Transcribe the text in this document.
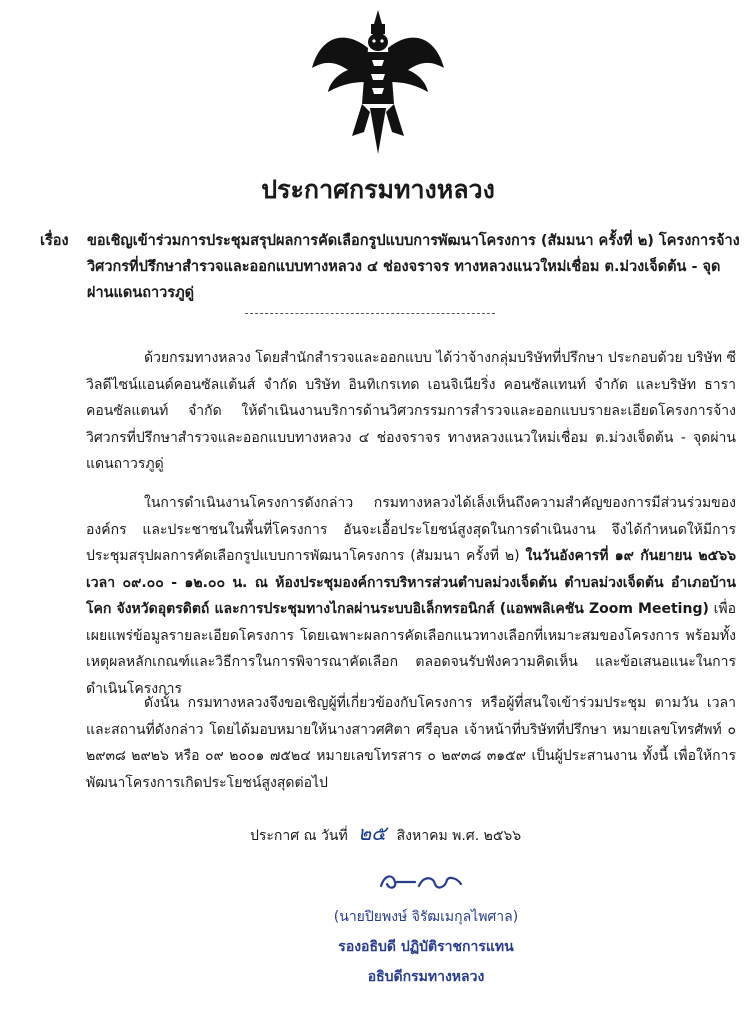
ประกาศกรมทางหลวง
เรื่อง ขอเชิญเข้าร่วมการประชุมสรุปผลการคัดเลือกรูปแบบการพัฒนาโครงการ (สัมมนา ครั้งที่ ๒) โครงการจ้างวิศวกรที่ปรึกษาสำรวจและออกแบบทางหลวง ๔ ช่องจราจร ทางหลวงแนวใหม่เชื่อม ต.ม่วงเจ็ดต้น - จุดผ่านแดนถาวรภูดู่
ด้วยกรมทางหลวง โดยสำนักสำรวจและออกแบบ ได้ว่าจ้างกลุ่มบริษัทที่ปรึกษา ประกอบด้วย บริษัท ซีวิลดีไซน์แอนด์คอนซัลแต้นส์ จำกัด บริษัท อินทิเกรเทด เอนจิเนียริ่ง คอนซัลแทนท์ จำกัด และบริษัท ธารา คอนซัลแตนท์ จำกัด ให้ดำเนินงานบริการด้านวิศวกรรมการสำรวจและออกแบบรายละเอียดโครงการจ้างวิศวกรที่ปรึกษาสำรวจและออกแบบทางหลวง ๔ ช่องจราจร ทางหลวงแนวใหม่เชื่อม ต.ม่วงเจ็ดต้น - จุดผ่านแดนถาวรภูดู่
ในการดำเนินงานโครงการดังกล่าว กรมทางหลวงได้เล็งเห็นถึงความสำคัญของการมีส่วนร่วมขององค์กร และประชาชนในพื้นที่โครงการ อันจะเอื้อประโยชน์สูงสุดในการดำเนินงาน จึงได้กำหนดให้มีการประชุมสรุปผลการคัดเลือกรูปแบบการพัฒนาโครงการ (สัมมนา ครั้งที่ ๒) ในวันอังคารที่ ๑๙ กันยายน ๒๕๖๖ เวลา ๐๙.๐๐ - ๑๒.๐๐ น. ณ ห้องประชุมองค์การบริหารส่วนตำบลม่วงเจ็ดต้น ตำบลม่วงเจ็ดต้น อำเภอบ้านโคก จังหวัดอุตรดิตถ์ และการประชุมทางไกลผ่านระบบอิเล็กทรอนิกส์ (แอพพลิเคชัน Zoom Meeting) เพื่อเผยแพร่ข้อมูลรายละเอียดโครงการ โดยเฉพาะผลการคัดเลือกแนวทางเลือกที่เหมาะสมของโครงการ พร้อมทั้งเหตุผลหลักเกณฑ์และวิธีการในการพิจารณาคัดเลือก ตลอดจนรับฟังความคิดเห็น และข้อเสนอแนะในการดำเนินโครงการ
ดังนั้น กรมทางหลวงจึงขอเชิญผู้ที่เกี่ยวข้องกับโครงการ หรือผู้ที่สนใจเข้าร่วมประชุม ตามวัน เวลา และสถานที่ดังกล่าว โดยได้มอบหมายให้นางสาวศศิตา ศรีอุบล เจ้าหน้าที่บริษัทที่ปรึกษา หมายเลขโทรศัพท์ ๐ ๒๙๓๘ ๒๙๒๖ หรือ ๐๙ ๒๐๐๑ ๗๕๒๔ หมายเลขโทรสาร ๐ ๒๙๓๘ ๓๑๕๙ เป็นผู้ประสานงาน ทั้งนี้ เพื่อให้การพัฒนาโครงการเกิดประโยชน์สูงสุดต่อไป
ประกาศ ณ วันที่ ๒๕ สิงหาคม พ.ศ. ๒๕๖๖
(นายปิยพงษ์ จิรัฒเมกุลไพศาล)
รองอธิบดี ปฏิบัติราชการแทน
อธิบดีกรมทางหลวง
